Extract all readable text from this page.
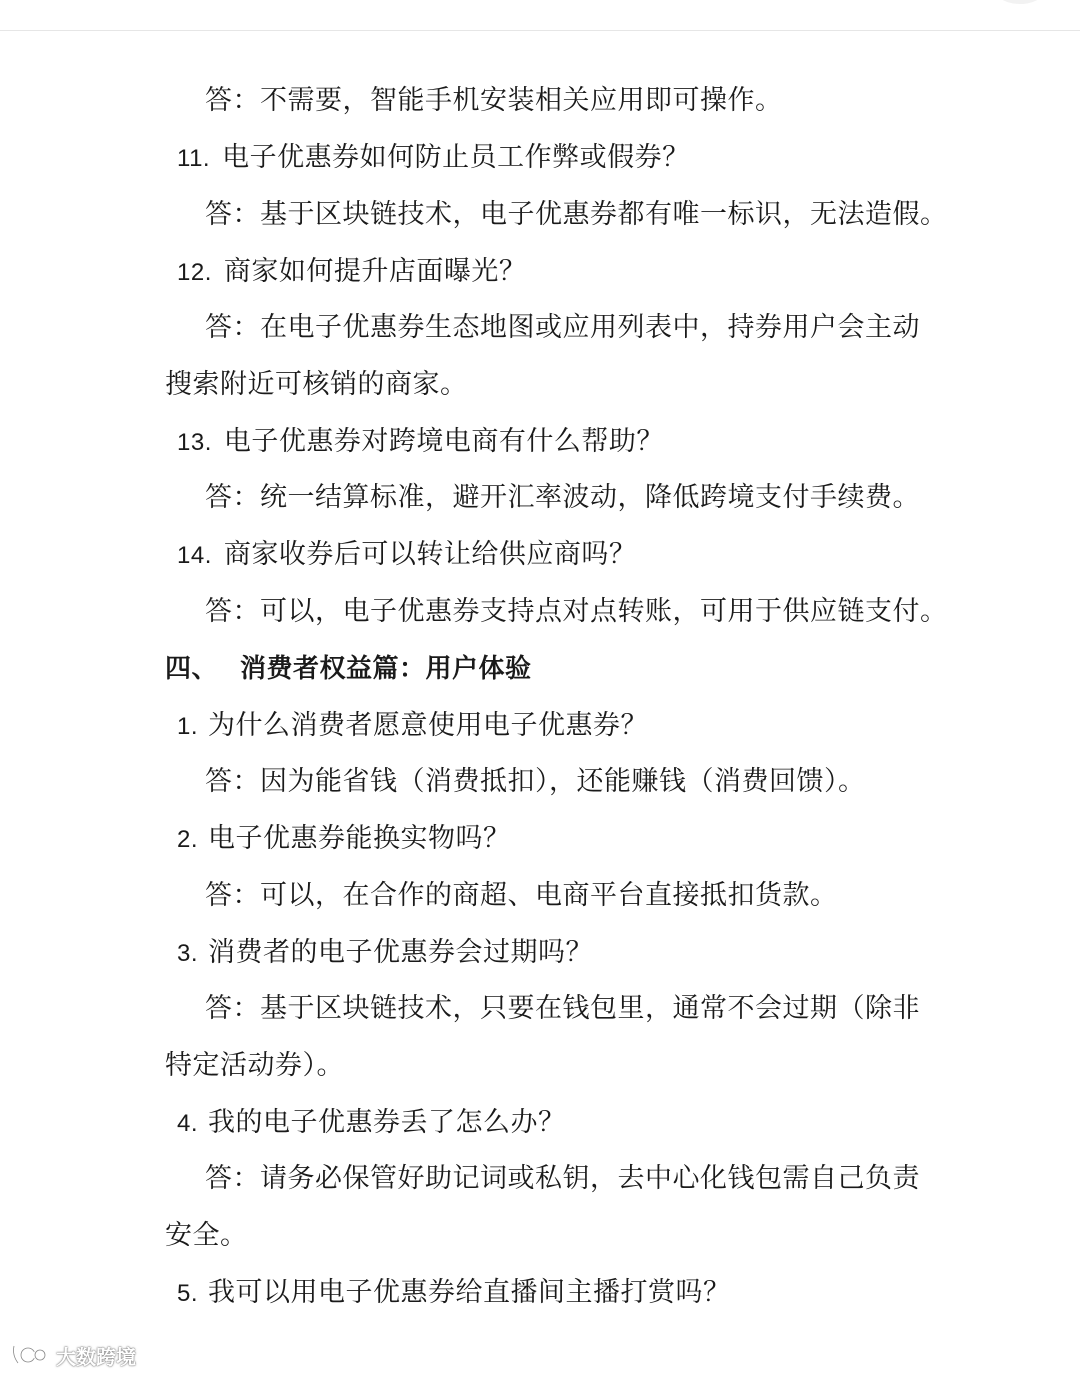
答：不需要，智能手机安装相关应用即可操作。
11. 电子优惠券如何防止员工作弊或假券？
答：基于区块链技术，电子优惠券都有唯一标识，无法造假。
12. 商家如何提升店面曝光？
答：在电子优惠券生态地图或应用列表中，持券用户会主动
搜索附近可核销的商家。
13. 电子优惠券对跨境电商有什么帮助？
答：统一结算标准，避开汇率波动，降低跨境支付手续费。
14. 商家收券后可以转让给供应商吗？
答：可以，电子优惠券支持点对点转账，可用于供应链支付。
四、 消费者权益篇：用户体验
1. 为什么消费者愿意使用电子优惠券？
答：因为能省钱（消费抵扣），还能赚钱（消费回馈）。
2. 电子优惠券能换实物吗？
答：可以，在合作的商超、电商平台直接抵扣货款。
3. 消费者的电子优惠券会过期吗？
答：基于区块链技术，只要在钱包里，通常不会过期（除非
特定活动券）。
4. 我的电子优惠券丢了怎么办？
答：请务必保管好助记词或私钥，去中心化钱包需自己负责
安全。
5. 我可以用电子优惠券给直播间主播打赏吗？
大数跨境
